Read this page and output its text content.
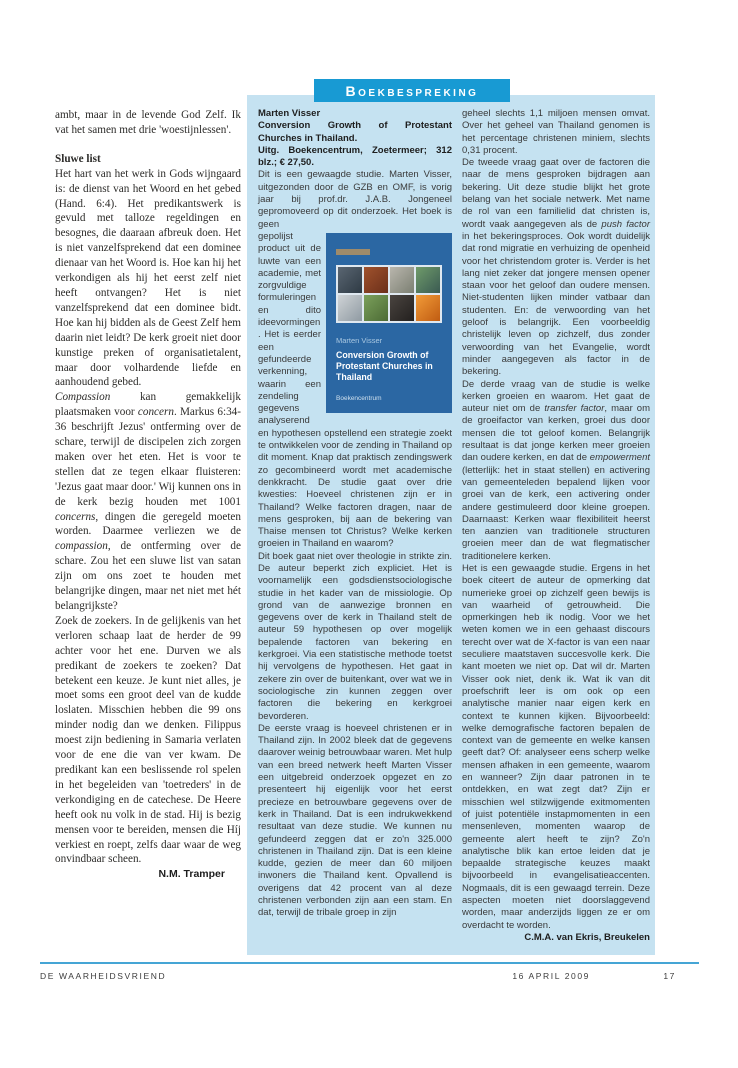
Boekbespreking

ambt, maar in de levende God Zelf. Ik vat het samen met drie 'woestijnlessen'.

Sluwe list

Het hart van het werk in Gods wijngaard is: de dienst van het Woord en het gebed (Hand. 6:4). Het predikantswerk is gevuld met talloze regeldingen en besognes, die daaraan afbreuk doen. Het is niet vanzelfsprekend dat een dominee dienaar van het Woord is. Hoe kan hij het verkondigen als hij het eerst zelf niet heeft ontvangen? Het is niet vanzelfsprekend dat een dominee bidt. Hoe kan hij bidden als de Geest Zelf hem daarin niet leidt? De kerk groeit niet door kunstige preken of organisatietalent, maar door volhardende liefde en aanhoudend gebed.

Compassion kan gemakkelijk plaatsmaken voor concern. Markus 6:34-36 beschrijft Jezus' ontferming over de schare, terwijl de discipelen zich zorgen maken over het eten. Het is voor te stellen dat ze tegen elkaar fluisteren: 'Jezus gaat maar door.' Wij kunnen ons in de kerk bezig houden met 1001 concerns, dingen die geregeld moeten worden. Daarmee verliezen we de compassion, de ontferming over de schare. Zou het een sluwe list van satan zijn om ons zoet te houden met belangrijke dingen, maar net niet met hét belangrijkste?

Zoek de zoekers. In de gelijkenis van het verloren schaap laat de herder de 99 achter voor het ene. Durven we als predikant de zoekers te zoeken? Dat betekent een keuze. Je kunt niet alles, je moet soms een groot deel van de kudde loslaten. Misschien hebben die 99 ons minder nodig dan we denken. Filippus moest zijn bediening in Samaria verlaten voor de ene die van ver kwam. De predikant kan een beslissende rol spelen in het begeleiden van 'toetreders' in de verkondiging en de catechese. De Heere heeft ook nu volk in de stad. Hij is bezig mensen voor te bereiden, mensen die Híj verkiest en roept, zelfs daar waar de weg onvindbaar scheen.

N.M. Tramper

Marten Visser
Conversion Growth of Protestant Churches in Thailand.
Uitg. Boekencentrum, Zoetermeer; 312 blz.; € 27,50.

Dit is een gewaagde studie. Marten Visser, uitgezonden door de GZB en OMF, is vorig jaar bij prof.dr. J.A.B. Jongeneel gepromoveerd op dit onderzoek. Het boek is geen

Marten Visser
Conversion Growth of Protestant Churches in Thailand
Boekencentrum
gepolijst product uit de luwte van een academie, met zorgvuldige formuleringen en dito ideevormingen. Het is eerder een gefundeerde verkenning, waarin een zendeling gegevens analyserend en hypothesen opstellend een strategie zoekt te ontwikkelen voor de zending in Thailand op dit moment. Knap dat praktisch zendingswerk zo gecombineerd wordt met academische denkkracht. De studie gaat over drie kwesties: Hoeveel christenen zijn er in Thailand? Welke factoren dragen, naar de mens gesproken, bij aan de bekering van Thaise mensen tot Christus? Welke kerken groeien in Thailand en waarom?

Dit boek gaat niet over theologie in strikte zin. De auteur beperkt zich expliciet. Het is voornamelijk een godsdienstsociologische studie in het kader van de missiologie. Op grond van de aanwezige bronnen en gegevens over de kerk in Thailand stelt de auteur 59 hypothesen op over mogelijk bepalende factoren van bekering en kerkgroei. Via een statistische methode toetst hij vervolgens de hypothesen. Het gaat in zekere zin over de buitenkant, over wat we in sociologische zin kunnen zeggen over factoren die bekering en kerkgroei bevorderen.

De eerste vraag is hoeveel christenen er in Thailand zijn. In 2002 bleek dat de gegevens daarover weinig betrouwbaar waren. Met hulp van een breed netwerk heeft Marten Visser een uitgebreid onderzoek opgezet en zo presenteert hij eigenlijk voor het eerst precieze en betrouwbare gegevens over de kerk in Thailand. Dat is een indrukwekkend resultaat van deze studie. We kunnen nu gefundeerd zeggen dat er zo'n 325.000 christenen in Thailand zijn. Dat is een kleine kudde, gezien de meer dan 60 miljoen inwoners die Thailand kent. Opvallend is overigens dat 42 procent van al deze christenen verbonden zijn aan een stam. En dat, terwijl de tribale groep in zijn

geheel slechts 1,1 miljoen mensen omvat. Over het geheel van Thailand genomen is het percentage christenen miniem, slechts 0,31 procent.

De tweede vraag gaat over de factoren die naar de mens gesproken bijdragen aan bekering. Uit deze studie blijkt het grote belang van het sociale netwerk. Met name de rol van een familielid dat christen is, wordt vaak aangegeven als de push factor in het bekeringsproces. Ook wordt duidelijk dat rond migratie en verhuizing de openheid voor het christendom groter is. Verder is het lang niet zeker dat jongere mensen opener staan voor het geloof dan oudere mensen. Niet-studenten lijken minder vatbaar dan studenten. En: de verwoording van het geloof is belangrijk. Een voorbeeldig christelijk leven op zichzelf, dus zonder verwoording van het Evangelie, wordt minder aangegeven als factor in de bekering.

De derde vraag van de studie is welke kerken groeien en waarom. Het gaat de auteur niet om de transfer factor, maar om de groeifactor van kerken, groei dus door mensen die tot geloof komen. Belangrijk resultaat is dat jonge kerken meer groeien dan oudere kerken, en dat de empowerment (letterlijk: het in staat stellen) en activering van gemeenteleden bepalend lijken voor groei van de kerk, een activering onder andere gestimuleerd door kleine groepen. Daarnaast: Kerken waar flexibiliteit heerst ten aanzien van traditionele structuren groeien meer dan de wat flegmatischer traditionelere kerken.

Het is een gewaagde studie. Ergens in het boek citeert de auteur de opmerking dat numerieke groei op zichzelf geen bewijs is van waarheid of getrouwheid. Die opmerkingen heb ik nodig. Voor we het weten komen we in een gehaast discours terecht over wat de X-factor is van een naar seculiere maatstaven succesvolle kerk. Die kant moeten we niet op. Dat wil dr. Marten Visser ook niet, denk ik. Wat ik van dit proefschrift leer is om ook op een analytische manier naar eigen kerk en context te kunnen kijken. Bijvoorbeeld: welke demografische factoren bepalen de context van de gemeente en welke kansen geeft dat? Of: analyseer eens scherp welke mensen afhaken in een gemeente, waarom en wanneer? Zijn daar patronen in te ontdekken, en wat zegt dat? Zijn er misschien wel stilzwijgende exitmomenten of juist potentiële instapmomenten in een mensenleven, momenten waarop de gemeente alert heeft te zijn? Zo'n analytische blik kan ertoe leiden dat je bepaalde strategische keuzes maakt bijvoorbeeld in evangelisatieaccenten. Nogmaals, dit is een gewaagd terrein. Deze aspecten moeten niet doorslaggevend worden, maar anderzijds liggen ze er om overdacht te worden.

C.M.A. van Ekris, Breukelen

DE WAARHEIDSVRIEND	16 APRIL 2009	17
